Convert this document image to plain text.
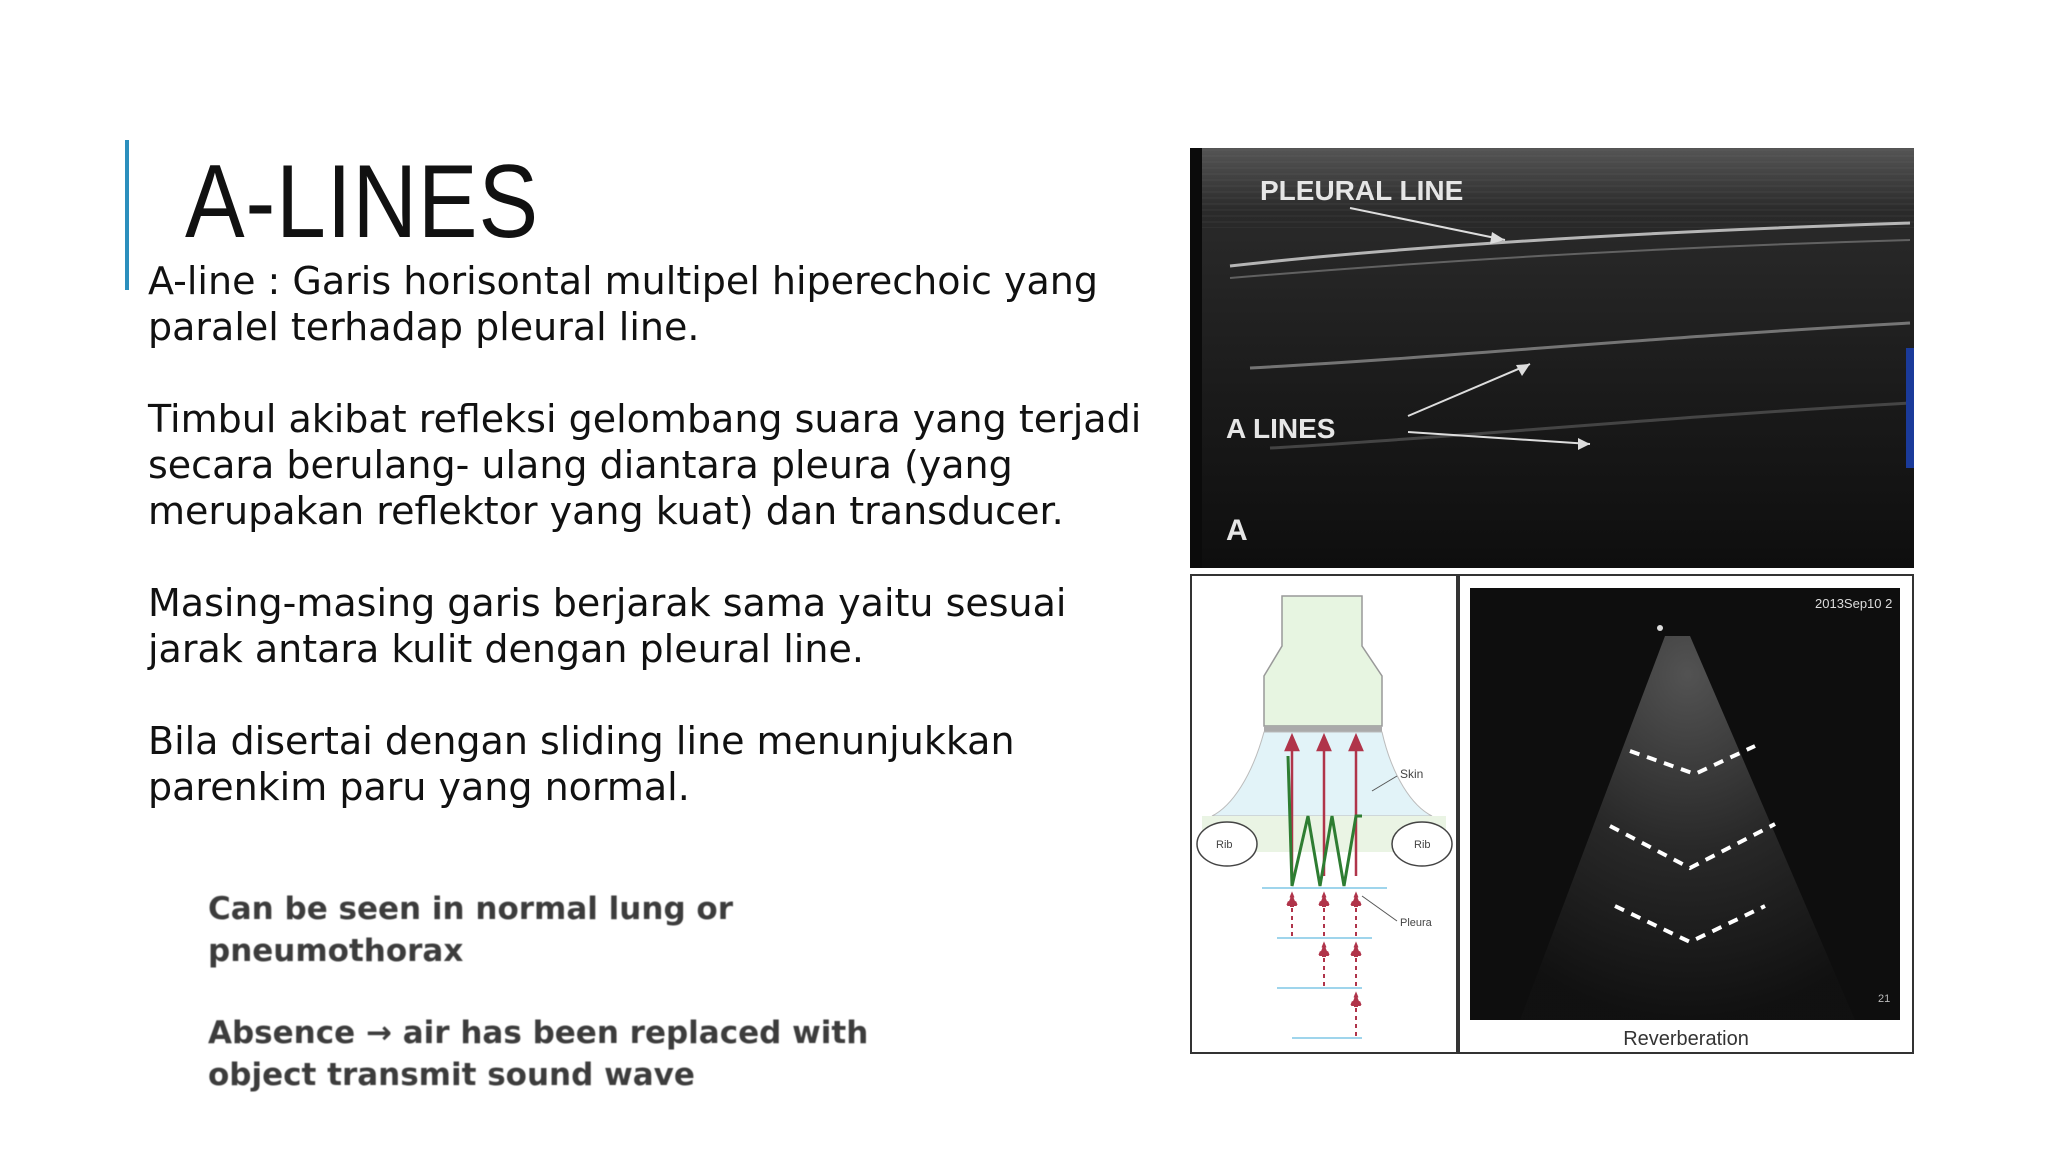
A-LINES

A-line : Garis horisontal multipel hiperechoic yang
paralel terhadap pleural line.

Timbul akibat refleksi gelombang suara yang terjadi
secara berulang- ulang diantara pleura (yang
merupakan reflektor yang kuat) dan transducer.

Masing-masing garis berjarak sama yaitu sesuai
jarak antara kulit dengan pleural line.

Bila disertai dengan sliding line menunjukkan
parenkim paru yang normal.

Can be seen in normal lung or
pneumothorax

Absence → air has been replaced with
object transmit sound wave

PLEURAL LINE
A LINES
A
Skin
Rib	Rib
Pleura
2013Sep10 2
21
Reverberation
